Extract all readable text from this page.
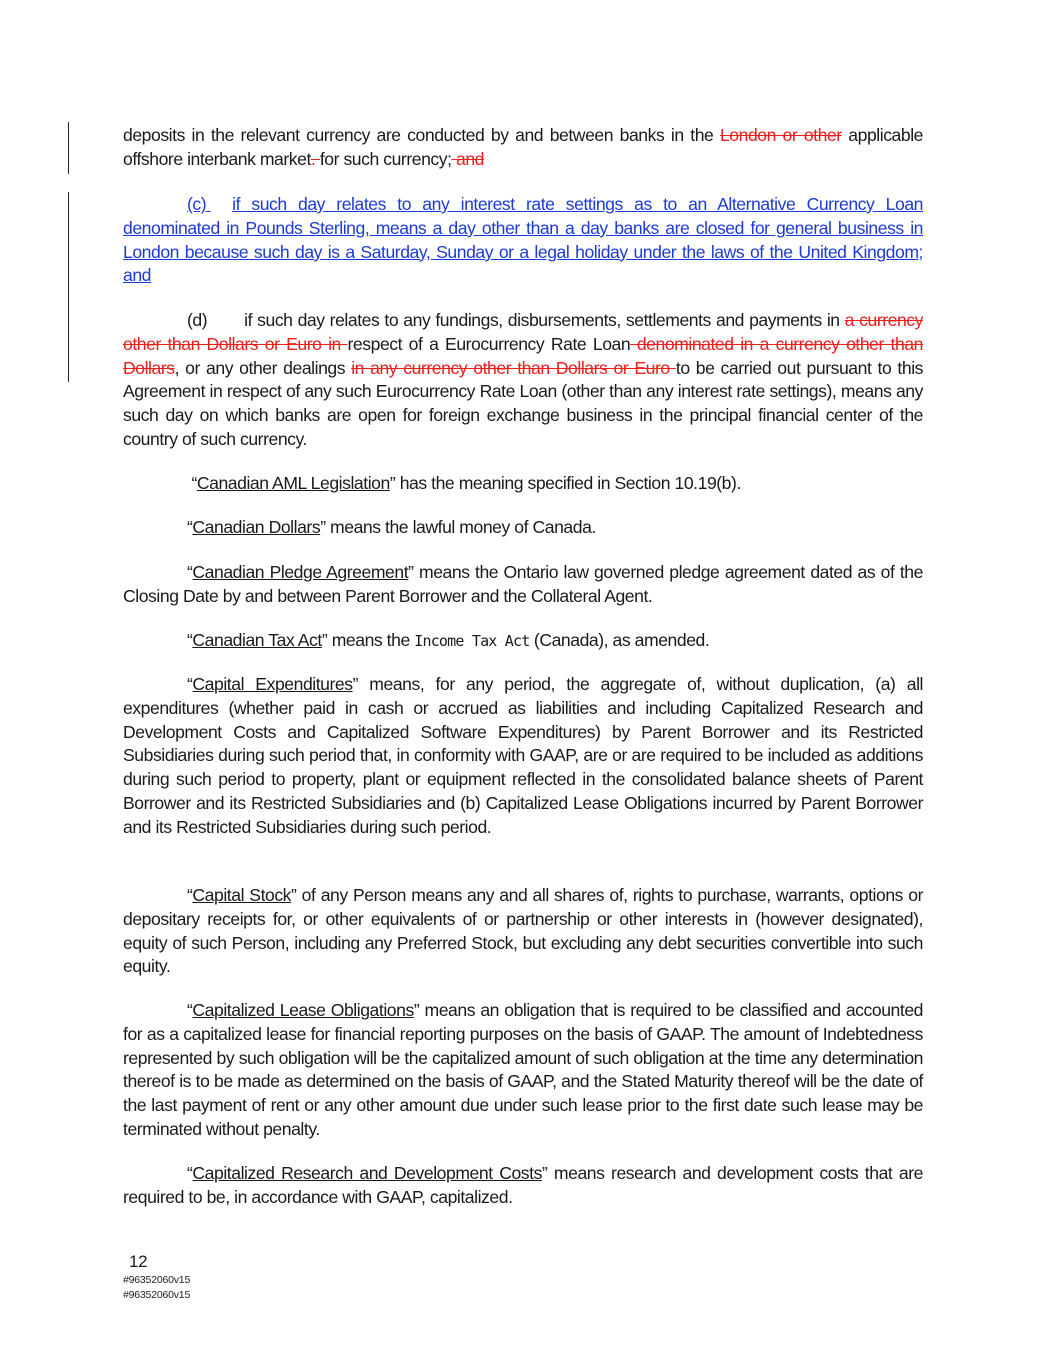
deposits in the relevant currency are conducted by and between banks in the London or other applicable offshore interbank market. for such currency; and
(c) if such day relates to any interest rate settings as to an Alternative Currency Loan denominated in Pounds Sterling, means a day other than a day banks are closed for general business in London because such day is a Saturday, Sunday or a legal holiday under the laws of the United Kingdom; and
(d) if such day relates to any fundings, disbursements, settlements and payments in a currency other than Dollars or Euro in respect of a Eurocurrency Rate Loan denominated in a currency other than Dollars, or any other dealings in any currency other than Dollars or Euro to be carried out pursuant to this Agreement in respect of any such Eurocurrency Rate Loan (other than any interest rate settings), means any such day on which banks are open for foreign exchange business in the principal financial center of the country of such currency.
“Canadian AML Legislation” has the meaning specified in Section 10.19(b).
“Canadian Dollars” means the lawful money of Canada.
“Canadian Pledge Agreement” means the Ontario law governed pledge agreement dated as of the Closing Date by and between Parent Borrower and the Collateral Agent.
“Canadian Tax Act” means the Income Tax Act (Canada), as amended.
“Capital Expenditures” means, for any period, the aggregate of, without duplication, (a) all expenditures (whether paid in cash or accrued as liabilities and including Capitalized Research and Development Costs and Capitalized Software Expenditures) by Parent Borrower and its Restricted Subsidiaries during such period that, in conformity with GAAP, are or are required to be included as additions during such period to property, plant or equipment reflected in the consolidated balance sheets of Parent Borrower and its Restricted Subsidiaries and (b) Capitalized Lease Obligations incurred by Parent Borrower and its Restricted Subsidiaries during such period.
“Capital Stock” of any Person means any and all shares of, rights to purchase, warrants, options or depositary receipts for, or other equivalents of or partnership or other interests in (however designated), equity of such Person, including any Preferred Stock, but excluding any debt securities convertible into such equity.
“Capitalized Lease Obligations” means an obligation that is required to be classified and accounted for as a capitalized lease for financial reporting purposes on the basis of GAAP. The amount of Indebtedness represented by such obligation will be the capitalized amount of such obligation at the time any determination thereof is to be made as determined on the basis of GAAP, and the Stated Maturity thereof will be the date of the last payment of rent or any other amount due under such lease prior to the first date such lease may be terminated without penalty.
“Capitalized Research and Development Costs” means research and development costs that are required to be, in accordance with GAAP, capitalized.
12
#96352060v15
#96352060v15
